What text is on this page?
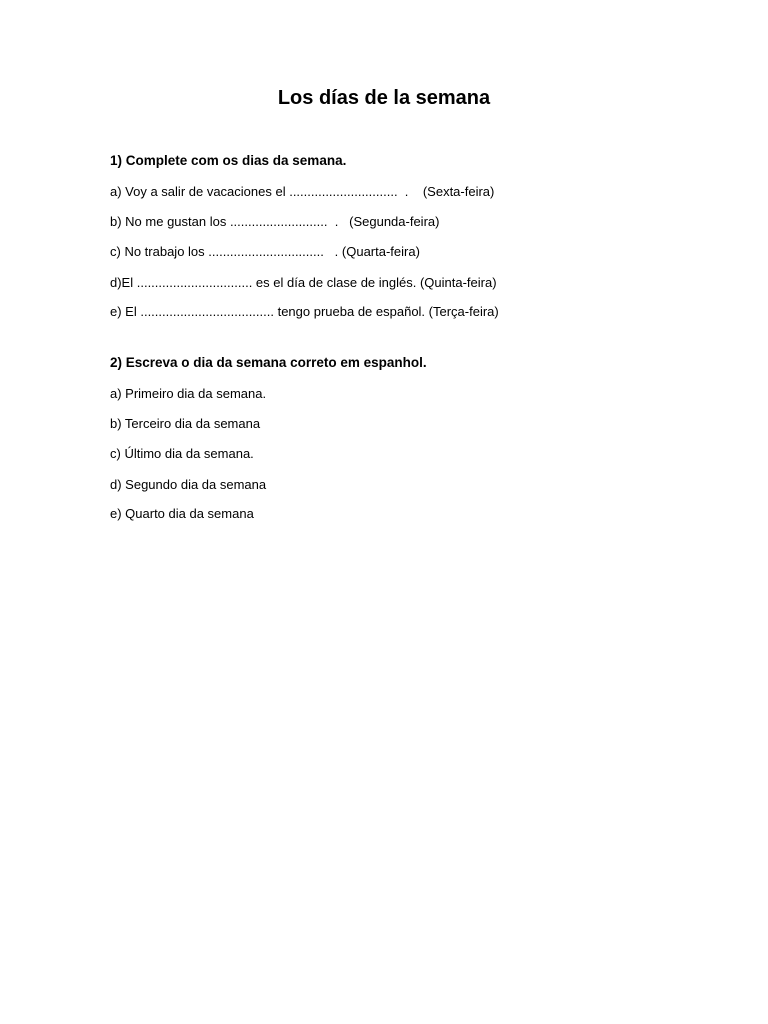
Los días de la semana

1) Complete com os dias da semana.

a) Voy a salir de vacaciones el ..............................  .    (Sexta-feira)

b) No me gustan los ...........................  .   (Segunda-feira)

c) No trabajo los ................................   . (Quarta-feira)

d)El ................................ es el día de clase de inglés. (Quinta-feira)

e) El ..................................... tengo prueba de español. (Terça-feira)

2) Escreva o dia da semana correto em espanhol.

a) Primeiro dia da semana.

b) Terceiro dia da semana

c) Último dia da semana.

d) Segundo dia da semana

e) Quarto dia da semana
